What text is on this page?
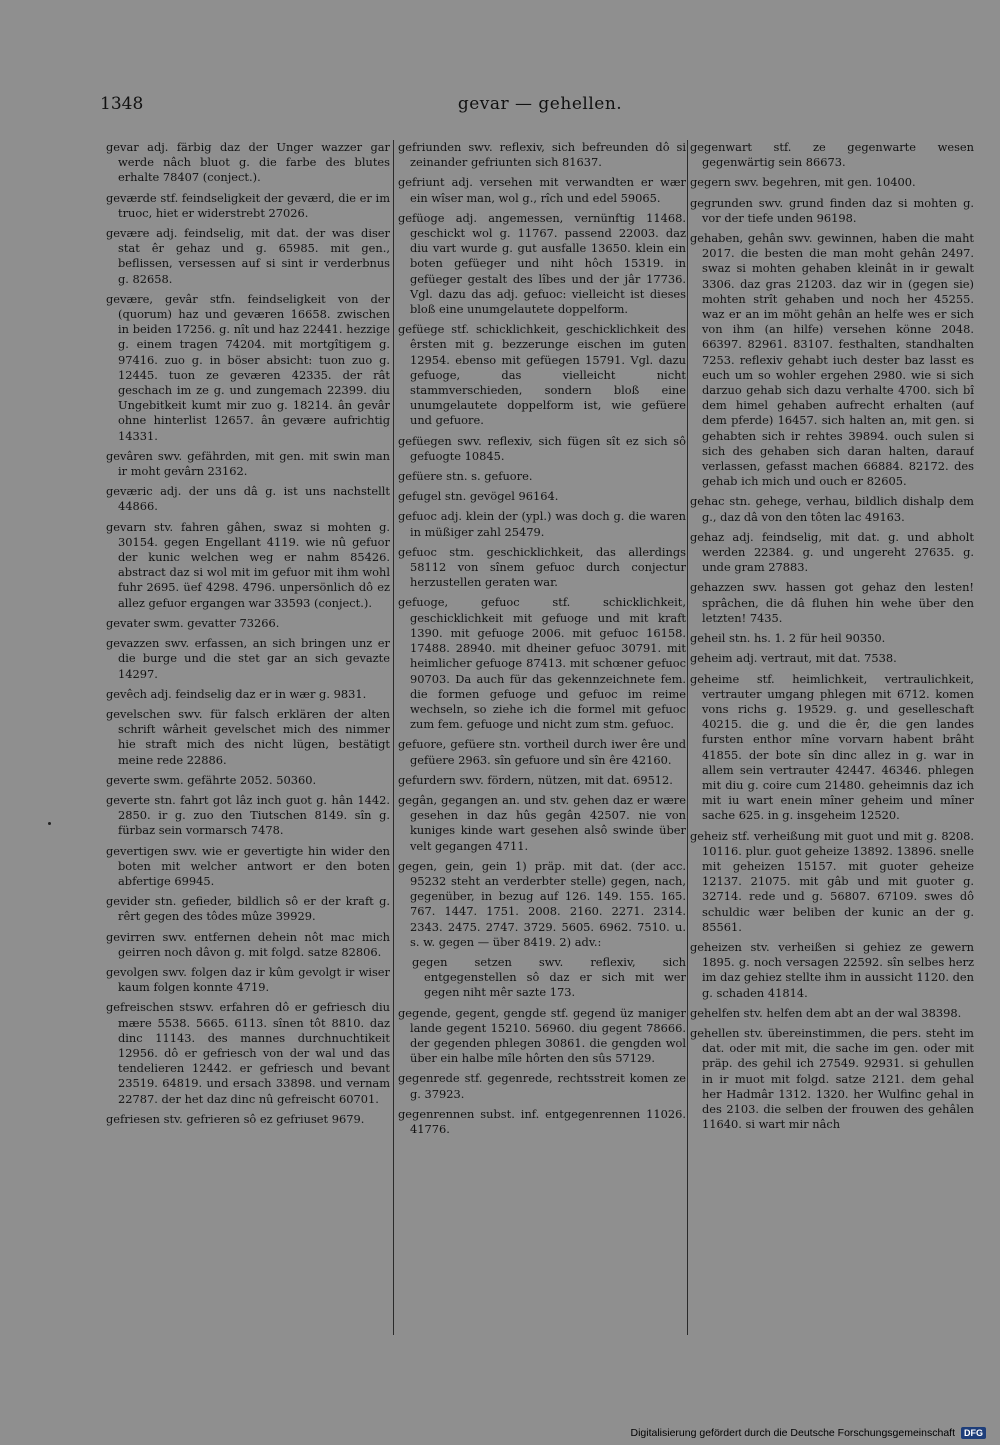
1348	gevar — gehellen.

gevar adj. färbig daz der Unger wazzer gar werde nâch bluot g. die farbe des blutes erhalte 78407 (conject.).

geværde stf. feindseligkeit der geværd, die er im truoc, hiet er widerstrebt 27026.

gevære adj. feindselig, mit dat. der was diser stat êr gehaz und g. 65985. mit gen., beflissen, versessen auf si sint ir verderbnus g. 82658.

gevære, gevâr stfn. feindseligkeit von der (quorum) haz und geværen 16658. zwischen in beiden 17256. g. nît und haz 22441. hezzige g. einem tragen 74204. mit mortgîtigem g. 97416. zuo g. in böser absicht: tuon zuo g. 12445. tuon ze geværen 42335. der rât geschach im ze g. und zungemach 22399. diu Ungebitkeit kumt mir zuo g. 18214. ân gevâr ohne hinterlist 12657. ân gevære aufrichtig 14331.

gevâren swv. gefährden, mit gen. mit swin man ir moht gevârn 23162.

geværic adj. der uns dâ g. ist uns nachstellt 44866.

gevarn stv. fahren gâhen, swaz si mohten g. 30154. gegen Engellant 4119. wie nû gefuor der kunic welchen weg er nahm 85426. abstract daz si wol mit im gefuor mit ihm wohl fuhr 2695. üef 4298. 4796. unpersönlich dô ez allez gefuor ergangen war 33593 (conject.).

gevater swm. gevatter 73266.

gevazzen swv. erfassen, an sich bringen unz er die burge und die stet gar an sich gevazte 14297.

gevêch adj. feindselig daz er in wær g. 9831.

gevelschen swv. für falsch erklären der alten schrift wârheit gevelschet mich des nimmer hie straft mich des nicht lügen, bestätigt meine rede 22886.

geverte swm. gefährte 2052. 50360.

geverte stn. fahrt got lâz inch guot g. hân 1442. 2850. ir g. zuo den Tiutschen 8149. sîn g. fürbaz sein vormarsch 7478.

gevertigen swv. wie er gevertigte hin wider den boten mit welcher antwort er den boten abfertige 69945.

gevider stn. gefieder, bildlich sô er der kraft g. rêrt gegen des tôdes mûze 39929.

gevirren swv. entfernen dehein nôt mac mich geirren noch dâvon g. mit folgd. satze 82806.

gevolgen swv. folgen daz ir kûm gevolgt ir wiser kaum folgen konnte 4719.

gefreischen stswv. erfahren dô er gefriesch diu mære 5538. 5665. 6113. sînen tôt 8810. daz dinc 11143. des mannes durchnuchtikeit 12956. dô er gefriesch von der wal und das tendelieren 12442. er gefriesch und bevant 23519. 64819. und ersach 33898. und vernam 22787. der het daz dinc nû gefreischt 60701.

gefriesen stv. gefrieren sô ez gefriuset 9679.

gefriunden swv. reflexiv, sich befreunden dô si zeinander gefriunten sich 81637.

gefriunt adj. versehen mit verwandten er wær ein wîser man, wol g., rîch und edel 59065.

gefüoge adj. angemessen, vernünftig 11468. geschickt wol g. 11767. passend 22003. daz diu vart wurde g. gut ausfalle 13650. klein ein boten gefüeger und niht hôch 15319. in gefüeger gestalt des lîbes und der jâr 17736. Vgl. dazu das adj. gefuoc: vielleicht ist dieses bloß eine unumgelautete doppelform.

gefüege stf. schicklichkeit, geschicklichkeit des êrsten mit g. bezzerunge eischen im guten 12954. ebenso mit gefüegen 15791. Vgl. dazu gefuoge, das vielleicht nicht stammverschieden, sondern bloß eine unumgelautete doppelform ist, wie gefüere und gefuore.

gefüegen swv. reflexiv, sich fügen sît ez sich sô gefuogte 10845.

gefüere stn. s. gefuore.

gefugel stn. gevögel 96164.

gefuoc adj. klein der (ypl.) was doch g. die waren in müßiger zahl 25479.

gefuoc stm. geschicklichkeit, das allerdings 58112 von sînem gefuoc durch conjectur herzustellen geraten war.

gefuoge, gefuoc stf. schicklichkeit, geschicklichkeit mit gefuoge und mit kraft 1390. mit gefuoge 2006. mit gefuoc 16158. 17488. 28940. mit dheiner gefuoc 30791. mit heimlicher gefuoge 87413. mit schœner gefuoc 90703. Da auch für das gekennzeichnete fem. die formen gefuoge und gefuoc im reime wechseln, so ziehe ich die formel mit gefuoc zum fem. gefuoge und nicht zum stm. gefuoc.

gefuore, gefüere stn. vortheil durch iwer êre und gefüere 2963. sîn gefuore und sîn êre 42160.

gefurdern swv. fördern, nützen, mit dat. 69512.

gegân, gegangen an. und stv. gehen daz er wære gesehen in daz hûs gegân 42507. nie von kuniges kinde wart gesehen alsô swinde über velt gegangen 4711.

gegen, gein, gein 1) präp. mit dat. (der acc. 95232 steht an verderbter stelle) gegen, nach, gegenüber, in bezug auf 126. 149. 155. 165. 767. 1447. 1751. 2008. 2160. 2271. 2314. 2343. 2475. 2747. 3729. 5605. 6962. 7510. u. s. w. gegen — über 8419. 2) adv.:

gegen setzen swv. reflexiv, sich entgegenstellen sô daz er sich mit wer gegen niht mêr sazte 173.

gegende, gegent, gengde stf. gegend üz maniger lande gegent 15210. 56960. diu gegent 78666. der gegenden phlegen 30861. die gengden wol über ein halbe mîle hôrten den sûs 57129.

gegenrede stf. gegenrede, rechtsstreit komen ze g. 37923.

gegenrennen subst. inf. entgegenrennen 11026. 41776.

gegenwart stf. ze gegenwarte wesen gegenwärtig sein 86673.

gegern swv. begehren, mit gen. 10400.

gegrunden swv. grund finden daz si mohten g. vor der tiefe unden 96198.

gehaben, gehân swv. gewinnen, haben die maht 2017. die besten die man moht gehân 2497. swaz si mohten gehaben kleinât in ir gewalt 3306. daz gras 21203. daz wir in (gegen sie) mohten strît gehaben und noch her 45255. waz er an im möht gehân an helfe wes er sich von ihm (an hilfe) versehen könne 2048. 66397. 82961. 83107. festhalten, standhalten 7253. reflexiv gehabt iuch dester baz lasst es euch um so wohler ergehen 2980. wie si sich darzuo gehab sich dazu verhalte 4700. sich bî dem himel gehaben aufrecht erhalten (auf dem pferde) 16457. sich halten an, mit gen. si gehabten sich ir rehtes 39894. ouch sulen si sich des gehaben sich daran halten, darauf verlassen, gefasst machen 66884. 82172. des gehab ich mich und ouch er 82605.

gehac stn. gehege, verhau, bildlich dishalp dem g., daz dâ von den tôten lac 49163.

gehaz adj. feindselig, mit dat. g. und abholt werden 22384. g. und ungereht 27635. g. unde gram 27883.

gehazzen swv. hassen got gehaz den lesten! sprâchen, die dâ fluhen hin wehe über den letzten! 7435.

geheil stn. hs. 1. 2 für heil 90350.

geheim adj. vertraut, mit dat. 7538.

geheime stf. heimlichkeit, vertraulichkeit, vertrauter umgang phlegen mit 6712. komen vons richs g. 19529. g. und geselleschaft 40215. die g. und die êr, die gen landes fursten enthor mîne vorvarn habent brâht 41855. der bote sîn dinc allez in g. war in allem sein vertrauter 42447. 46346. phlegen mit diu g. coire cum 21480. geheimnis daz ich mit iu wart enein mîner geheim und mîner sache 625. in g. insgeheim 12520.

geheiz stf. verheißung mit guot und mit g. 8208. 10116. plur. guot geheize 13892. 13896. snelle mit geheizen 15157. mit guoter geheize 12137. 21075. mit gâb und mit guoter g. 32714. rede und g. 56807. 67109. swes dô schuldic wær beliben der kunic an der g. 85561.

geheizen stv. verheißen si gehiez ze gewern 1895. g. noch versagen 22592. sîn selbes herz im daz gehiez stellte ihm in aussicht 1120. den g. schaden 41814.

gehelfen stv. helfen dem abt an der wal 38398.

gehellen stv. übereinstimmen, die pers. steht im dat. oder mit mit, die sache im gen. oder mit präp. des gehil ich 27549. 92931. si gehullen in ir muot mit folgd. satze 2121. dem gehal her Hadmâr 1312. 1320. her Wulfinc gehal in des 2103. die selben der frouwen des gehâlen 11640. si wart mir nâch

Digitalisierung gefördert durch die Deutsche Forschungsgemeinschaft	DFG
